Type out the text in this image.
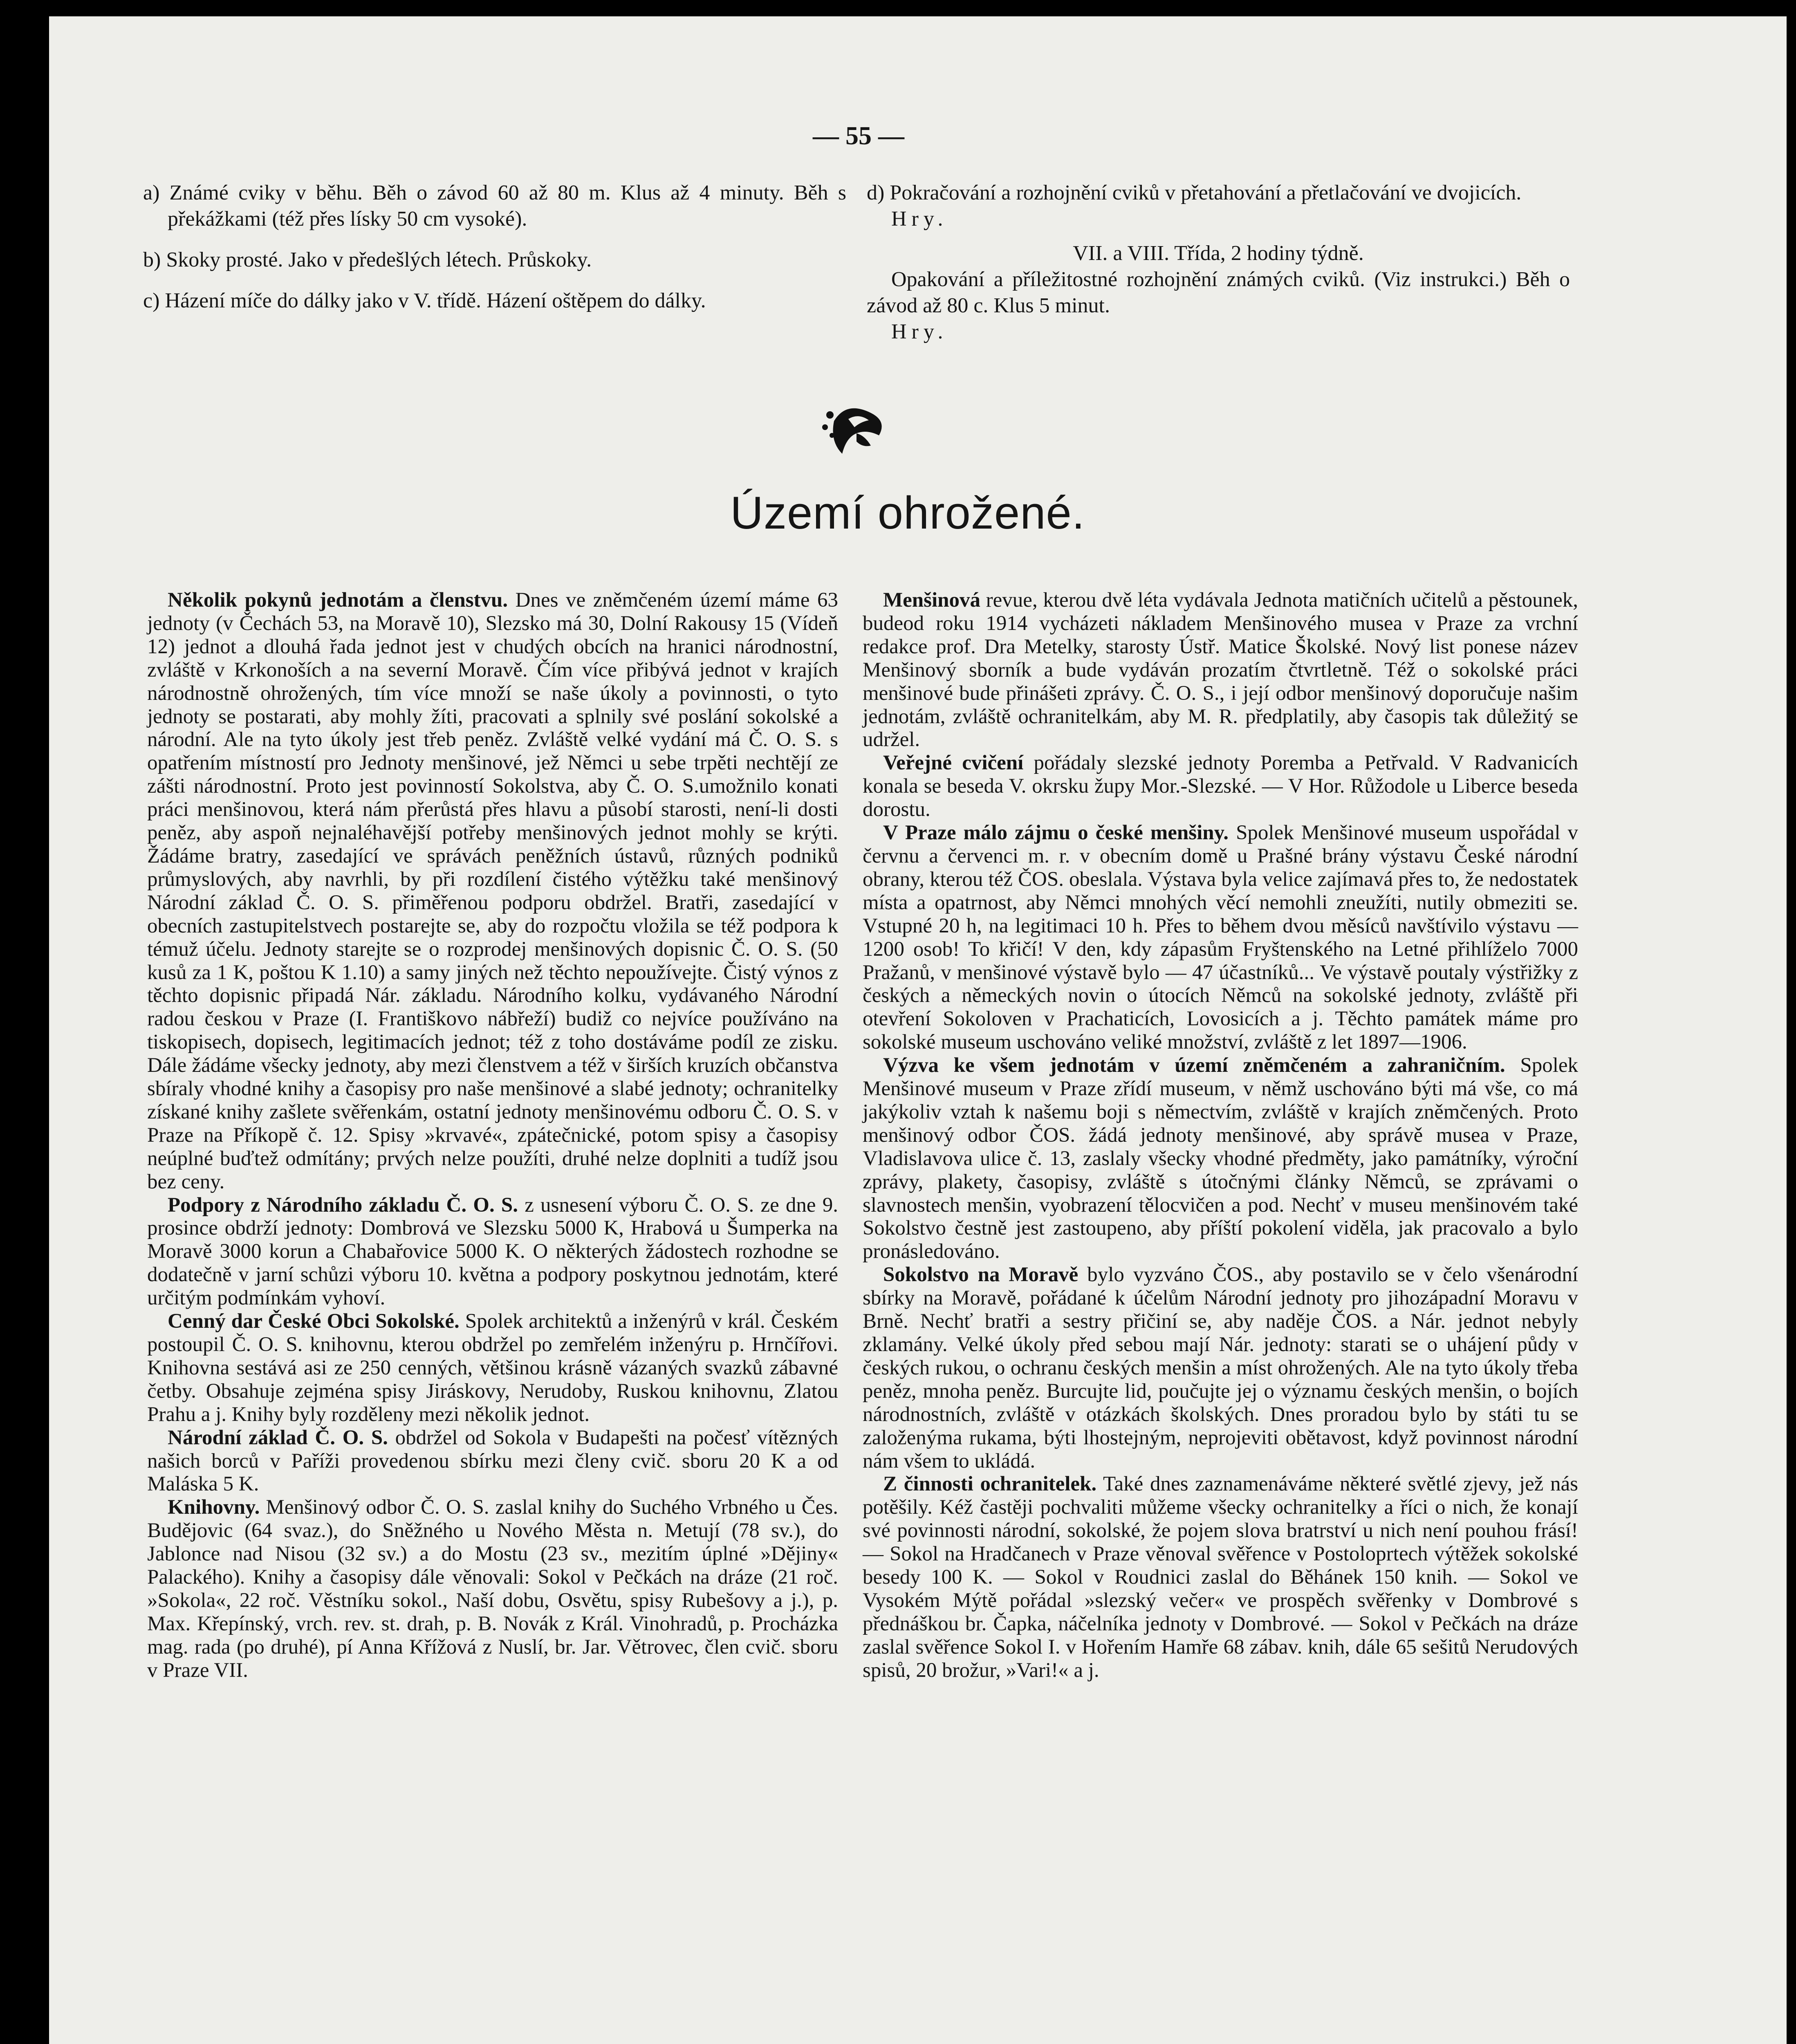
— 55 —

a) Známé cviky v běhu. Běh o závod 60 až 80 m. Klus až 4 minuty. Běh s překážkami (též přes lísky 50 cm vysoké).

b) Skoky prosté. Jako v předešlých létech. Průskoky.

c) Házení míče do dálky jako v V. třídě. Házení oštěpem do dálky.

d) Pokračování a rozhojnění cviků v přetahování a přetlačování ve dvojicích.

Hry.

VII. a VIII. Třída, 2 hodiny týdně.

Opakování a příležitostné rozhojnění známých cviků. (Viz instrukci.) Běh o závod až 80 c. Klus 5 minut.

Hry.

Území ohrožené.

Několik pokynů jednotám a členstvu. Dnes ve zněmčeném území máme 63 jednoty (v Čechách 53, na Moravě 10), Slezsko má 30, Dolní Rakousy 15 (Vídeň 12) jednot a dlouhá řada jednot jest v chudých obcích na hranici národnostní, zvláště v Krkonoších a na severní Moravě. Čím více přibývá jednot v krajích národnostně ohrožených, tím více množí se naše úkoly a povinnosti, o tyto jednoty se postarati, aby mohly žíti, pracovati a splnily své poslání sokolské a národní. Ale na tyto úkoly jest třeb peněz. Zvláště velké vydání má Č. O. S. s opatřením místností pro Jednoty menšinové, jež Němci u sebe trpěti nechtějí ze zášti národnostní. Proto jest povinností Sokolstva, aby Č. O. S.umožnilo konati práci menšinovou, která nám přerůstá přes hlavu a působí starosti, není-li dosti peněz, aby aspoň nejnaléhavější potřeby menšinových jednot mohly se krýti. Žádáme bratry, zasedající ve správách peněžních ústavů, různých podniků průmyslových, aby navrhli, by při rozdílení čistého výtěžku také menšinový Národní základ Č. O. S. přiměřenou podporu obdržel. Bratři, zasedající v obecních zastupitelstvech postarejte se, aby do rozpočtu vložila se též podpora k témuž účelu. Jednoty starejte se o rozprodej menšinových dopisnic Č. O. S. (50 kusů za 1 K, poštou K 1.10) a samy jiných než těchto nepoužívejte. Čistý výnos z těchto dopisnic připadá Nár. základu. Národního kolku, vydávaného Národní radou českou v Praze (I. Františkovo nábřeží) budiž co nejvíce používáno na tiskopisech, dopisech, legitimacích jednot; též z toho dostáváme podíl ze zisku. Dále žádáme všecky jednoty, aby mezi členstvem a též v širších kruzích občanstva sbíraly vhodné knihy a časopisy pro naše menšinové a slabé jednoty; ochranitelky získané knihy zašlete svěřenkám, ostatní jednoty menšinovému odboru Č. O. S. v Praze na Příkopě č. 12. Spisy »krvavé«, zpátečnické, potom spisy a časopisy neúplné buďtež odmítány; prvých nelze použíti, druhé nelze doplniti a tudíž jsou bez ceny.

Podpory z Národního základu Č. O. S. z usnesení výboru Č. O. S. ze dne 9. prosince obdrží jednoty: Dombrová ve Slezsku 5000 K, Hrabová u Šumperka na Moravě 3000 korun a Chabařovice 5000 K. O některých žádostech rozhodne se dodatečně v jarní schůzi výboru 10. května a podpory poskytnou jednotám, které určitým podmínkám vyhoví.

Cenný dar České Obci Sokolské. Spolek architektů a inženýrů v král. Českém postoupil Č. O. S. knihovnu, kterou obdržel po zemřelém inženýru p. Hrnčířovi. Knihovna sestává asi ze 250 cenných, většinou krásně vázaných svazků zábavné četby. Obsahuje zejména spisy Jiráskovy, Nerudoby, Ruskou knihovnu, Zlatou Prahu a j. Knihy byly rozděleny mezi několik jednot.

Národní základ Č. O. S. obdržel od Sokola v Budapešti na počesť vítězných našich borců v Paříži provedenou sbírku mezi členy cvič. sboru 20 K a od Maláska 5 K.

Knihovny. Menšinový odbor Č. O. S. zaslal knihy do Suchého Vrbného u Čes. Budějovic (64 svaz.), do Sněžného u Nového Města n. Metují (78 sv.), do Jablonce nad Nisou (32 sv.) a do Mostu (23 sv., mezitím úplné »Dějiny« Palackého). Knihy a časopisy dále věnovali: Sokol v Pečkách na dráze (21 roč. »Sokola«, 22 roč. Věstníku sokol., Naší dobu, Osvětu, spisy Rubešovy a j.), p. Max. Křepínský, vrch. rev. st. drah, p. B. Novák z Král. Vinohradů, p. Procházka mag. rada (po druhé), pí Anna Křížová z Nuslí, br. Jar. Větrovec, člen cvič. sboru v Praze VII.

Menšinová revue, kterou dvě léta vydávala Jednota matičních učitelů a pěstounek, budeod roku 1914 vycházeti nákladem Menšinového musea v Praze za vrchní redakce prof. Dra Metelky, starosty Ústř. Matice Školské. Nový list ponese název Menšinový sborník a bude vydáván prozatím čtvrtletně. Též o sokolské práci menšinové bude přinášeti zprávy. Č. O. S., i její odbor menšinový doporučuje našim jednotám, zvláště ochranitelkám, aby M. R. předplatily, aby časopis tak důležitý se udržel.

Veřejné cvičení pořádaly slezské jednoty Poremba a Petřvald. V Radvanicích konala se beseda V. okrsku župy Mor.-Slezské. — V Hor. Růžodole u Liberce beseda dorostu.

V Praze málo zájmu o české menšiny. Spolek Menšinové museum uspořádal v červnu a červenci m. r. v obecním domě u Prašné brány výstavu České národní obrany, kterou též ČOS. obeslala. Výstava byla velice zajímavá přes to, že nedostatek místa a opatrnost, aby Němci mnohých věcí nemohli zneužíti, nutily obmeziti se. Vstupné 20 h, na legitimaci 10 h. Přes to během dvou měsíců navštívilo výstavu — 1200 osob! To křičí! V den, kdy zápasům Fryštenského na Letné přihlíželo 7000 Pražanů, v menšinové výstavě bylo — 47 účastníků... Ve výstavě poutaly výstřižky z českých a německých novin o útocích Němců na sokolské jednoty, zvláště při otevření Sokoloven v Prachaticích, Lovosicích a j. Těchto památek máme pro sokolské museum uschováno veliké množství, zvláště z let 1897—1906.

Výzva ke všem jednotám v území zněmčeném a zahraničním. Spolek Menšinové museum v Praze zřídí museum, v němž uschováno býti má vše, co má jakýkoliv vztah k našemu boji s němectvím, zvláště v krajích zněmčených. Proto menšinový odbor ČOS. žádá jednoty menšinové, aby správě musea v Praze, Vladislavova ulice č. 13, zaslaly všecky vhodné předměty, jako památníky, výroční zprávy, plakety, časopisy, zvláště s útočnými články Němců, se zprávami o slavnostech menšin, vyobrazení tělocvičen a pod. Nechť v museu menšinovém také Sokolstvo čestně jest zastoupeno, aby příští pokolení viděla, jak pracovalo a bylo pronásledováno.

Sokolstvo na Moravě bylo vyzváno ČOS., aby postavilo se v čelo všenárodní sbírky na Moravě, pořádané k účelům Národní jednoty pro jihozápadní Moravu v Brně. Nechť bratři a sestry přičiní se, aby naděje ČOS. a Nár. jednot nebyly zklamány. Velké úkoly před sebou mají Nár. jednoty: starati se o uhájení půdy v českých rukou, o ochranu českých menšin a míst ohrožených. Ale na tyto úkoly třeba peněz, mnoha peněz. Burcujte lid, poučujte jej o významu českých menšin, o bojích národnostních, zvláště v otázkách školských. Dnes proradou bylo by státi tu se založenýma rukama, býti lhostejným, neprojeviti obětavost, když povinnost národní nám všem to ukládá.

Z činnosti ochranitelek. Také dnes zaznamenáváme některé světlé zjevy, jež nás potěšily. Kéž častěji pochvaliti můžeme všecky ochranitelky a říci o nich, že konají své povinnosti národní, sokolské, že pojem slova bratrství u nich není pouhou frásí! — Sokol na Hradčanech v Praze věnoval svěřence v Postoloprtech výtěžek sokolské besedy 100 K. — Sokol v Roudnici zaslal do Běhánek 150 knih. — Sokol ve Vysokém Mýtě pořádal »slezský večer« ve prospěch svěřenky v Dombrové s přednáškou br. Čapka, náčelníka jednoty v Dombrové. — Sokol v Pečkách na dráze zaslal svěřence Sokol I. v Hořením Hamře 68 zábav. knih, dále 65 sešitů Nerudových spisů, 20 brožur, »Vari!« a j.
